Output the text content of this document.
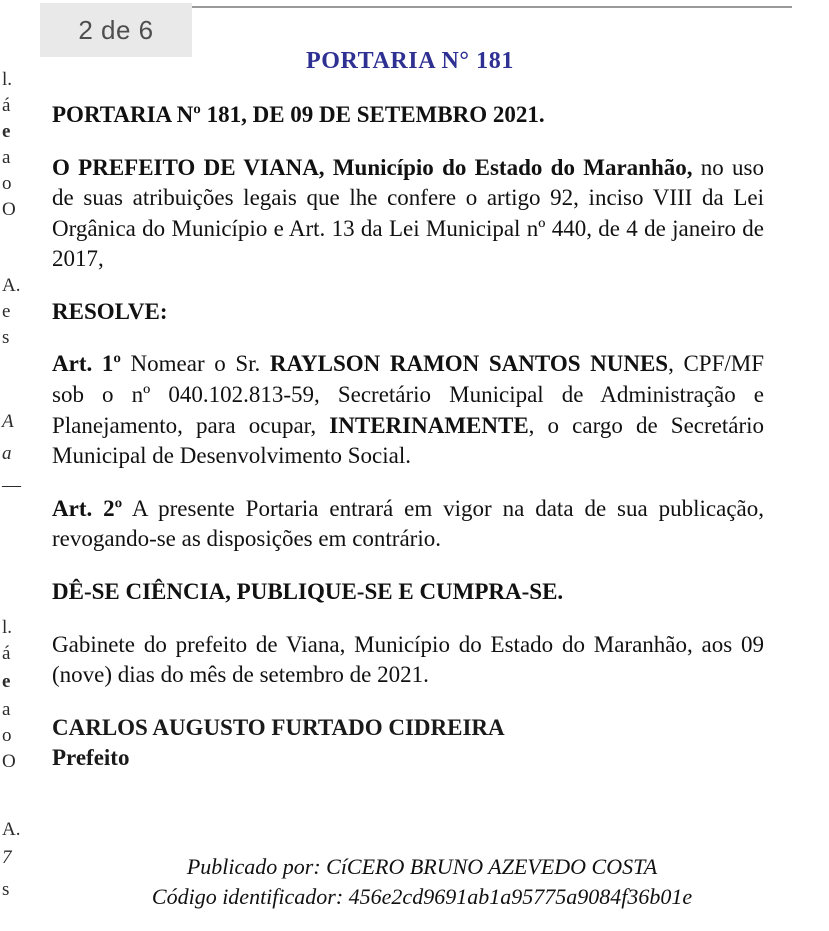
l.
á
e
a
o
O
A.
e
s
A
a
—
l.
á
e
a
o
O
A.
7
s
2 de 6
PORTARIA N° 181

PORTARIA Nº 181, DE 09 DE SETEMBRO 2021.

O PREFEITO DE VIANA, Município do Estado do Maranhão, no uso de suas atribuições legais que lhe confere o artigo 92, inciso VIII da Lei Orgânica do Município e Art. 13 da Lei Municipal nº 440, de 4 de janeiro de 2017,

RESOLVE:

Art. 1º Nomear o Sr. RAYLSON RAMON SANTOS NUNES, CPF/MF sob o nº 040.102.813-59, Secretário Municipal de Administração e Planejamento, para ocupar, INTERINAMENTE, o cargo de Secretário Municipal de Desenvolvimento Social.

Art. 2º A presente Portaria entrará em vigor na data de sua publicação, revogando-se as disposições em contrário.

DÊ-SE CIÊNCIA, PUBLIQUE-SE E CUMPRA-SE.

Gabinete do prefeito de Viana, Município do Estado do Maranhão, aos 09 (nove) dias do mês de setembro de 2021.

CARLOS AUGUSTO FURTADO CIDREIRA
Prefeito
Publicado por: CíCERO BRUNO AZEVEDO COSTA
Código identificador: 456e2cd9691ab1a95775a9084f36b01e
